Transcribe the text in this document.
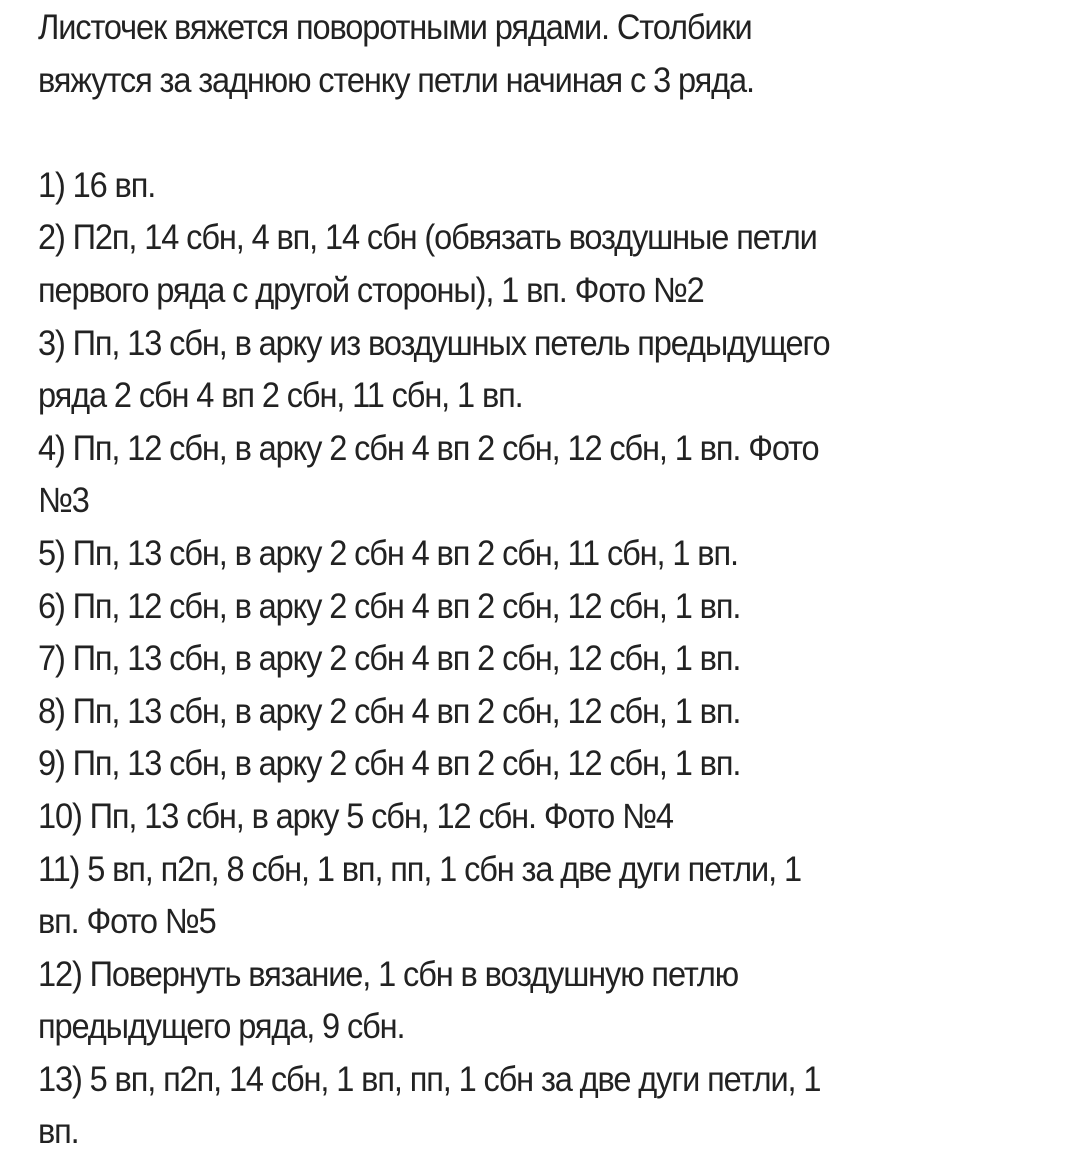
Листочек вяжется поворотными рядами. Столбики
вяжутся за заднюю стенку петли начиная с 3 ряда.
1) 16 вп.
2) П2п, 14 сбн, 4 вп, 14 сбн (обвязать воздушные петли
первого ряда с другой стороны), 1 вп. Фото №2
3) Пп, 13 сбн, в арку из воздушных петель предыдущего
ряда 2 сбн 4 вп 2 сбн, 11 сбн, 1 вп.
4) Пп, 12 сбн, в арку 2 сбн 4 вп 2 сбн, 12 сбн, 1 вп. Фото
№3
5) Пп, 13 сбн, в арку 2 сбн 4 вп 2 сбн, 11 сбн, 1 вп.
6) Пп, 12 сбн, в арку 2 сбн 4 вп 2 сбн, 12 сбн, 1 вп.
7) Пп, 13 сбн, в арку 2 сбн 4 вп 2 сбн, 12 сбн, 1 вп.
8) Пп, 13 сбн, в арку 2 сбн 4 вп 2 сбн, 12 сбн, 1 вп.
9) Пп, 13 сбн, в арку 2 сбн 4 вп 2 сбн, 12 сбн, 1 вп.
10) Пп, 13 сбн, в арку 5 сбн, 12 сбн. Фото №4
11) 5 вп, п2п, 8 сбн, 1 вп, пп, 1 сбн за две дуги петли, 1
вп. Фото №5
12) Повернуть вязание, 1 сбн в воздушную петлю
предыдущего ряда, 9 сбн.
13) 5 вп, п2п, 14 сбн, 1 вп, пп, 1 сбн за две дуги петли, 1
вп.
